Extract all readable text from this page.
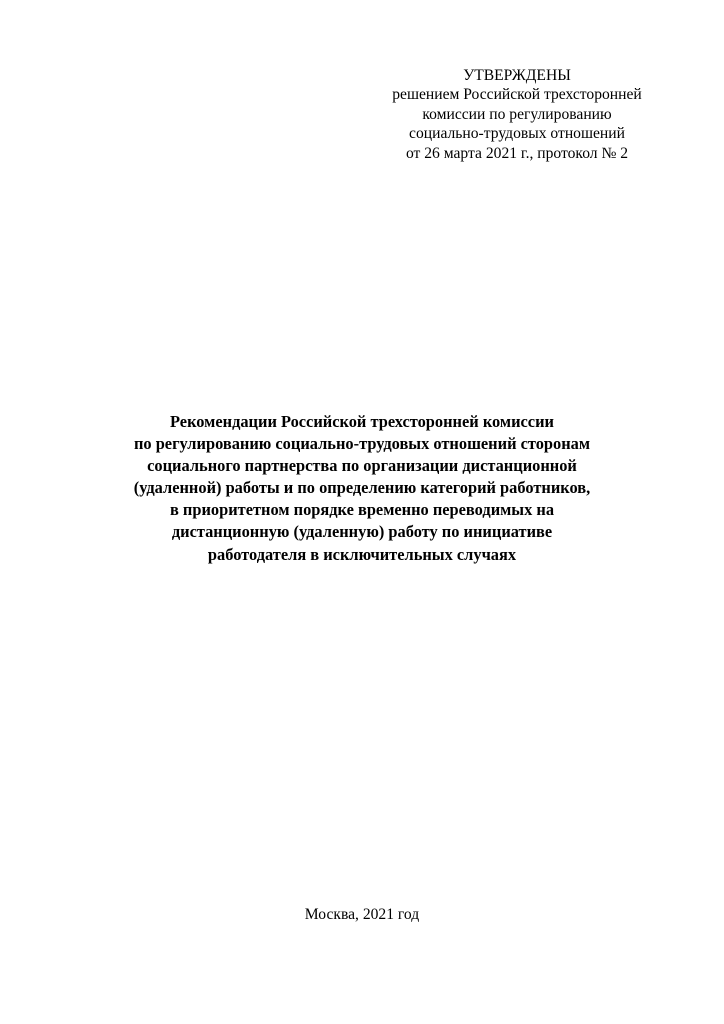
УТВЕРЖДЕНЫ
решением Российской трехсторонней
комиссии по регулированию
социально-трудовых отношений
от 26 марта 2021 г., протокол № 2
Рекомендации Российской трехсторонней комиссии
по регулированию социально-трудовых отношений сторонам
социального партнерства по организации дистанционной
(удаленной) работы и по определению категорий работников,
в приоритетном порядке временно переводимых на
дистанционную (удаленную) работу по инициативе
работодателя в исключительных случаях
Москва, 2021 год
